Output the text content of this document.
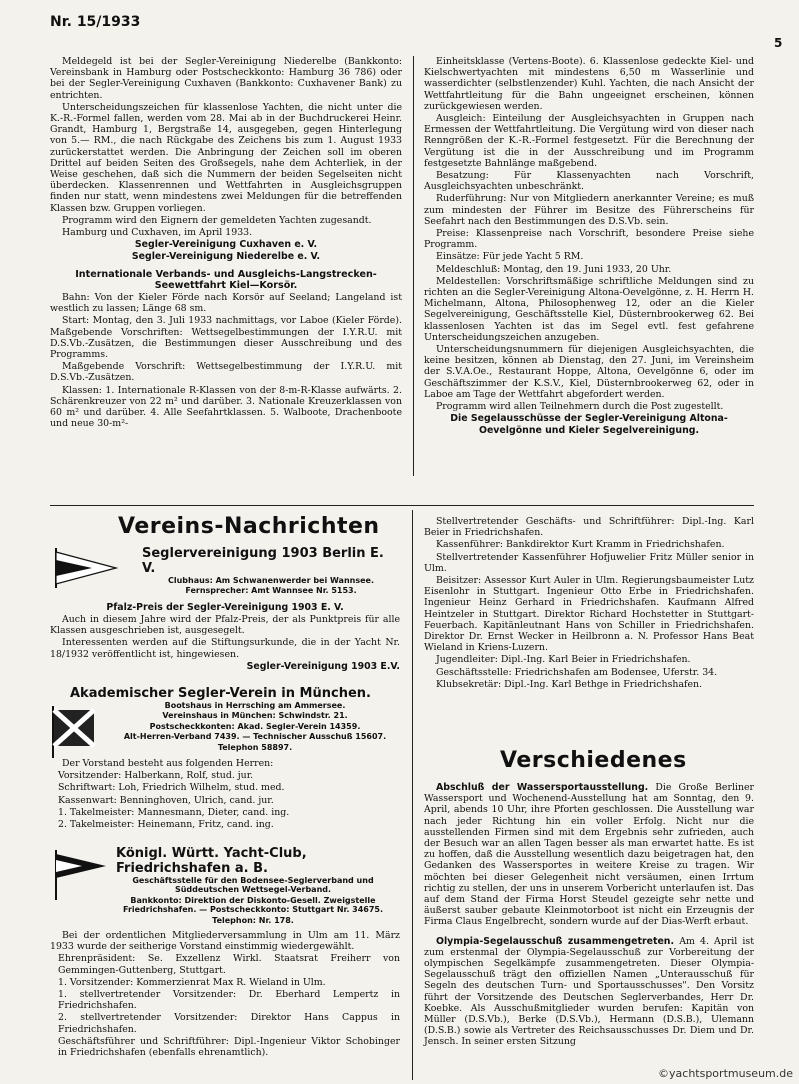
Nr. 15/1933
5

Meldegeld ist bei der Segler-Vereinigung Niederelbe (Bankkonto: Vereinsbank in Hamburg oder Postscheckkonto: Hamburg 36 786) oder bei der Segler-Vereinigung Cuxhaven (Bankkonto: Cuxhavener Bank) zu entrichten.

Unterscheidungszeichen für klassenlose Yachten, die nicht unter die K.-R.-Formel fallen, werden vom 28. Mai ab in der Buchdruckerei Heinr. Grandt, Hamburg 1, Bergstraße 14, ausgegeben, gegen Hinterlegung von 5.— RM., die nach Rückgabe des Zeichens bis zum 1. August 1933 zurückerstattet werden. Die Anbringung der Zeichen soll im oberen Drittel auf beiden Seiten des Großsegels, nahe dem Achterliek, in der Weise geschehen, daß sich die Nummern der beiden Segelseiten nicht überdecken. Klassenrennen und Wettfahrten in Ausgleichsgruppen finden nur statt, wenn mindestens zwei Meldungen für die betreffenden Klassen bzw. Gruppen vorliegen.

Programm wird den Eignern der gemeldeten Yachten zugesandt.

Hamburg und Cuxhaven, im April 1933.

Segler-Vereinigung Cuxhaven e. V.

Segler-Vereinigung Niederelbe e. V.

Internationale Verbands- und Ausgleichs-Langstrecken-Seewettfahrt Kiel—Korsör.

Bahn: Von der Kieler Förde nach Korsör auf Seeland; Langeland ist westlich zu lassen; Länge 68 sm.

Start: Montag, den 3. Juli 1933 nachmittags, vor Laboe (Kieler Förde). Maßgebende Vorschriften: Wettsegelbestimmungen der I.Y.R.U. mit D.S.Vb.-Zusätzen, die Bestimmungen dieser Ausschreibung und des Programms.

Maßgebende Vorschrift: Wettsegelbestimmung der I.Y.R.U. mit D.S.Vb.-Zusätzen.

Klassen: 1. Internationale R-Klassen von der 8-m-R-Klasse aufwärts. 2. Schärenkreuzer von 22 m² und darüber. 3. Nationale Kreuzerklassen von 60 m² und darüber. 4. Alle Seefahrtklassen. 5. Walboote, Drachenboote und neue 30-m²-

Einheitsklasse (Vertens-Boote). 6. Klassenlose gedeckte Kiel- und Kielschwertyachten mit mindestens 6,50 m Wasserlinie und wasserdichter (selbstlenzender) Kuhl. Yachten, die nach Ansicht der Wettfahrtleitung für die Bahn ungeeignet erscheinen, können zurückgewiesen werden.

Ausgleich: Einteilung der Ausgleichsyachten in Gruppen nach Ermessen der Wettfahrtleitung. Die Vergütung wird von dieser nach Renngrößen der K.-R.-Formel festgesetzt. Für die Berechnung der Vergütung ist die in der Ausschreibung und im Programm festgesetzte Bahnlänge maßgebend.

Besatzung: Für Klassenyachten nach Vorschrift, Ausgleichsyachten unbeschränkt.

Ruderführung: Nur von Mitgliedern anerkannter Vereine; es muß zum mindesten der Führer im Besitze des Führerscheins für Seefahrt nach den Bestimmungen des D.S.Vb. sein.

Preise: Klassenpreise nach Vorschrift, besondere Preise siehe Programm.

Einsätze: Für jede Yacht 5 RM.

Meldeschluß: Montag, den 19. Juni 1933, 20 Uhr.

Meldestellen: Vorschriftsmäßige schriftliche Meldungen sind zu richten an die Segler-Vereinigung Altona-Oevelgönne, z. H. Herrn H. Michelmann, Altona, Philosophenweg 12, oder an die Kieler Segelvereinigung, Geschäftsstelle Kiel, Düsternbrookerweg 62. Bei klassenlosen Yachten ist das im Segel evtl. fest gefahrene Unterscheidungszeichen anzugeben.

Unterscheidungsnummern für diejenigen Ausgleichsyachten, die keine besitzen, können ab Dienstag, den 27. Juni, im Vereinsheim der S.V.A.Oe., Restaurant Hoppe, Altona, Oevelgönne 6, oder im Geschäftszimmer der K.S.V., Kiel, Düsternbrookerweg 62, oder in Laboe am Tage der Wettfahrt abgefordert werden.

Programm wird allen Teilnehmern durch die Post zugestellt.

Die Segelausschüsse der Segler-Vereinigung Altona-Oevelgönne und Kieler Segelvereinigung.

Vereins-Nachrichten
Seglervereinigung 1903 Berlin E. V.

Clubhaus: Am Schwanenwerder bei Wannsee.

Fernsprecher: Amt Wannsee Nr. 5153.

Pfalz-Preis der Segler-Vereinigung 1903 E. V.

Auch in diesem Jahre wird der Pfalz-Preis, der als Punktpreis für alle Klassen ausgeschrieben ist, ausgesegelt.

Interessenten werden auf die Stiftungsurkunde, die in der Yacht Nr. 18/1932 veröffentlicht ist, hingewiesen.

Segler-Vereinigung 1903 E.V.

Akademischer Segler-Verein in München.

Bootshaus in Herrsching am Ammersee.

Vereinshaus in München: Schwindstr. 21.

Postscheckkonten: Akad. Segler-Verein 14359.

Alt-Herren-Verband 7439. — Technischer Ausschuß 15607.

Telephon 58897.

Der Vorstand besteht aus folgenden Herren:

Vorsitzender: Halberkann, Rolf, stud. jur.

Schriftwart: Loh, Friedrich Wilhelm, stud. med.

Kassenwart: Benninghoven, Ulrich, cand. jur.

1. Takelmeister: Mannesmann, Dieter, cand. ing.

2. Takelmeister: Heinemann, Fritz, cand. ing.

Königl. Württ. Yacht-Club, Friedrichshafen a. B.

Geschäftsstelle für den Bodensee-Seglerverband und Süddeutschen Wettsegel-Verband.

Bankkonto: Direktion der Diskonto-Gesell. Zweigstelle Friedrichshafen. — Postscheckkonto: Stuttgart Nr. 34675.

Telephon: Nr. 178.

Bei der ordentlichen Mitgliederversammlung in Ulm am 11. März 1933 wurde der seitherige Vorstand einstimmig wiedergewählt.

Ehrenpräsident: Se. Exzellenz Wirkl. Staatsrat Freiherr von Gemmingen-Guttenberg, Stuttgart.

1. Vorsitzender: Kommerzienrat Max R. Wieland in Ulm.

1. stellvertretender Vorsitzender: Dr. Eberhard Lempertz in Friedrichshafen.

2. stellvertretender Vorsitzender: Direktor Hans Cappus in Friedrichshafen.

Geschäftsführer und Schriftführer: Dipl.-Ingenieur Viktor Schobinger in Friedrichshafen (ebenfalls ehrenamtlich).

Stellvertretender Geschäfts- und Schriftführer: Dipl.-Ing. Karl Beier in Friedrichshafen.

Kassenführer: Bankdirektor Kurt Kramm in Friedrichshafen.

Stellvertretender Kassenführer Hofjuwelier Fritz Müller senior in Ulm.

Beisitzer: Assessor Kurt Auler in Ulm. Regierungsbaumeister Lutz Eisenlohr in Stuttgart. Ingenieur Otto Erbe in Friedrichshafen. Ingenieur Heinz Gerhard in Friedrichshafen. Kaufmann Alfred Heintzeler in Stuttgart. Direktor Richard Hochstetter in Stuttgart-Feuerbach. Kapitänleutnant Hans von Schiller in Friedrichshafen. Direktor Dr. Ernst Wecker in Heilbronn a. N. Professor Hans Beat Wieland in Kriens-Luzern.

Jugendleiter: Dipl.-Ing. Karl Beier in Friedrichshafen.

Geschäftsstelle: Friedrichshafen am Bodensee, Uferstr. 34.

Klubsekretär: Dipl.-Ing. Karl Bethge in Friedrichshafen.

Verschiedenes

Abschluß der Wassersportausstellung. Die Große Berliner Wassersport und Wochenend-Ausstellung hat am Sonntag, den 9. April, abends 10 Uhr, ihre Pforten geschlossen. Die Ausstellung war nach jeder Richtung hin ein voller Erfolg. Nicht nur die ausstellenden Firmen sind mit dem Ergebnis sehr zufrieden, auch der Besuch war an allen Tagen besser als man erwartet hatte. Es ist zu hoffen, daß die Ausstellung wesentlich dazu beigetragen hat, den Gedanken des Wassersportes in weitere Kreise zu tragen. Wir möchten bei dieser Gelegenheit nicht versäumen, einen Irrtum richtig zu stellen, der uns in unserem Vorbericht unterlaufen ist. Das auf dem Stand der Firma Horst Steudel gezeigte sehr nette und äußerst sauber gebaute Kleinmotorboot ist nicht ein Erzeugnis der Firma Claus Engelbrecht, sondern wurde auf der Dias-Werft erbaut.

Olympia-Segelausschuß zusammengetreten. Am 4. April ist zum erstenmal der Olympia-Segelausschuß zur Vorbereitung der olympischen Segelkämpfe zusammengetreten. Dieser Olympia-Segelausschuß trägt den offiziellen Namen „Unterausschuß für Segeln des deutschen Turn- und Sportausschusses". Den Vorsitz führt der Vorsitzende des Deutschen Seglerverbandes, Herr Dr. Koebke. Als Ausschußmitglieder wurden berufen: Kapitän von Müller (D.S.Vb.), Berke (D.S.Vb.), Hermann (D.S.B.), Ulemann (D.S.B.) sowie als Vertreter des Reichsausschusses Dr. Diem und Dr. Jensch. In seiner ersten Sitzung

©yachtsportmuseum.de
